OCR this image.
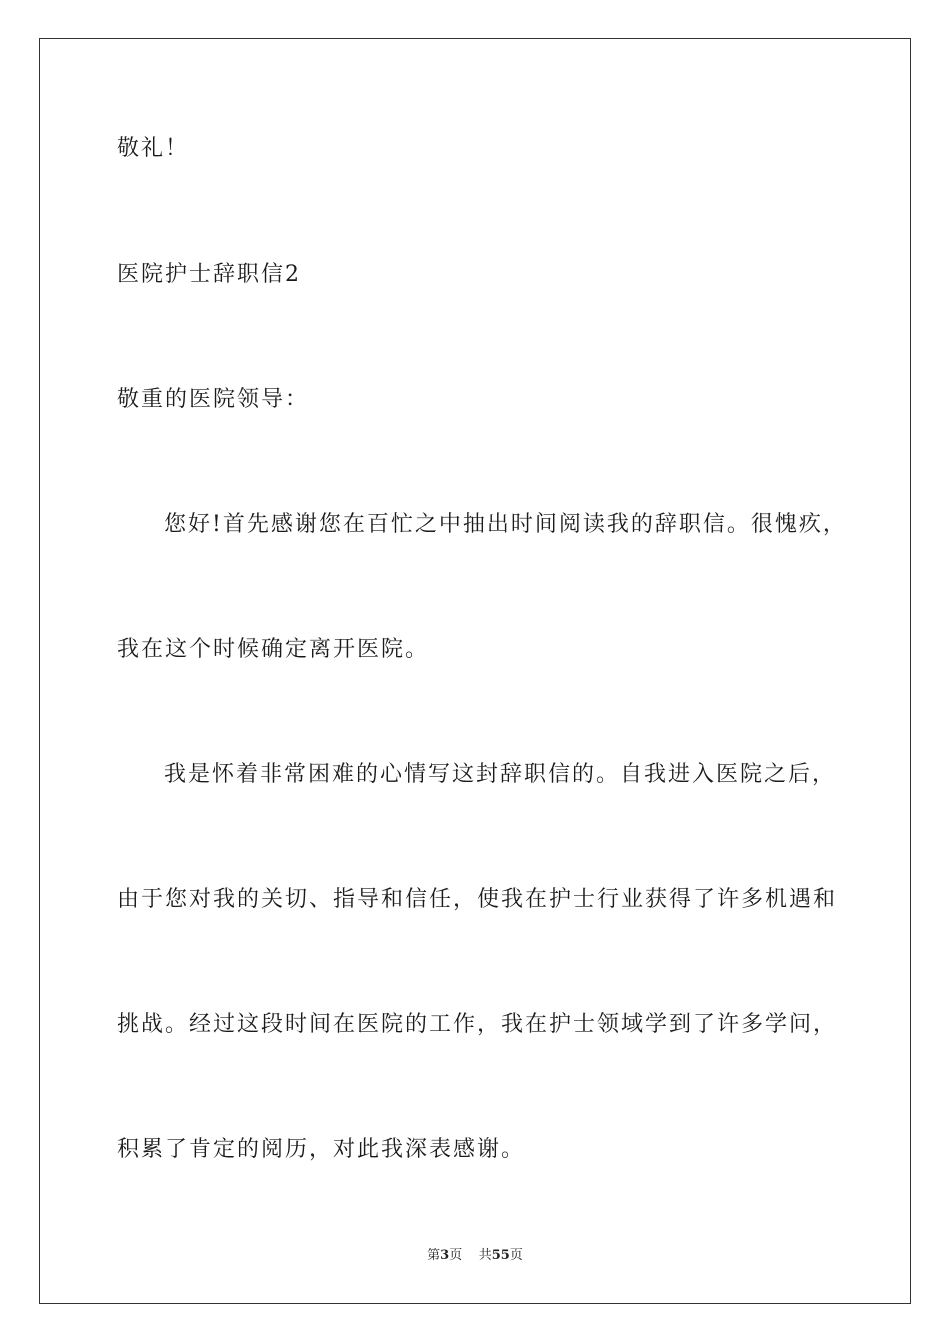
敬礼！
医院护士辞职信2
敬重的医院领导：
您好!首先感谢您在百忙之中抽出时间阅读我的辞职信。很愧疚，
我在这个时候确定离开医院。
我是怀着非常困难的心情写这封辞职信的。自我进入医院之后，
由于您对我的关切、指导和信任，使我在护士行业获得了许多机遇和
挑战。经过这段时间在医院的工作，我在护士领域学到了许多学问，
积累了肯定的阅历，对此我深表感谢。
第3页 共55页
